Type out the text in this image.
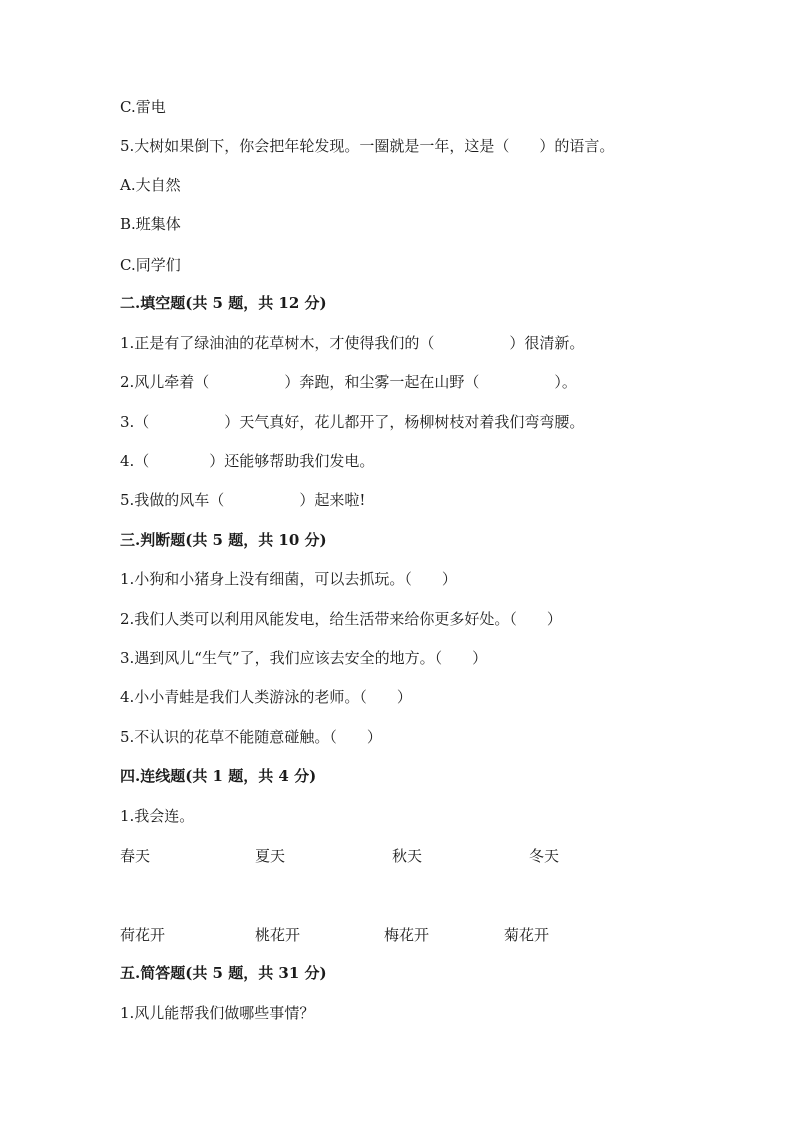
C.雷电
5.大树如果倒下，你会把年轮发现。一圈就是一年，这是（　　）的语言。
A.大自然
B.班集体
C.同学们
二.填空题(共 5 题，共 12 分)
1.正是有了绿油油的花草树木，才使得我们的（　　　　　）很清新。
2.风儿牵着（　　　　　）奔跑，和尘雾一起在山野（　　　　　）。
3.（　　　　　）天气真好，花儿都开了，杨柳树枝对着我们弯弯腰。
4.（　　　　）还能够帮助我们发电。
5.我做的风车（　　　　　）起来啦!
三.判断题(共 5 题，共 10 分)
1.小狗和小猪身上没有细菌，可以去抓玩。（　　）
2.我们人类可以利用风能发电，给生活带来给你更多好处。（　　）
3.遇到风儿“生气”了，我们应该去安全的地方。（　　）
4.小小青蛙是我们人类游泳的老师。（　　）
5.不认识的花草不能随意碰触。（　　）
四.连线题(共 1 题，共 4 分)
1.我会连。
春天	夏天	秋天	冬天
荷花开	桃花开	梅花开	菊花开
五.简答题(共 5 题，共 31 分)
1.风儿能帮我们做哪些事情？
